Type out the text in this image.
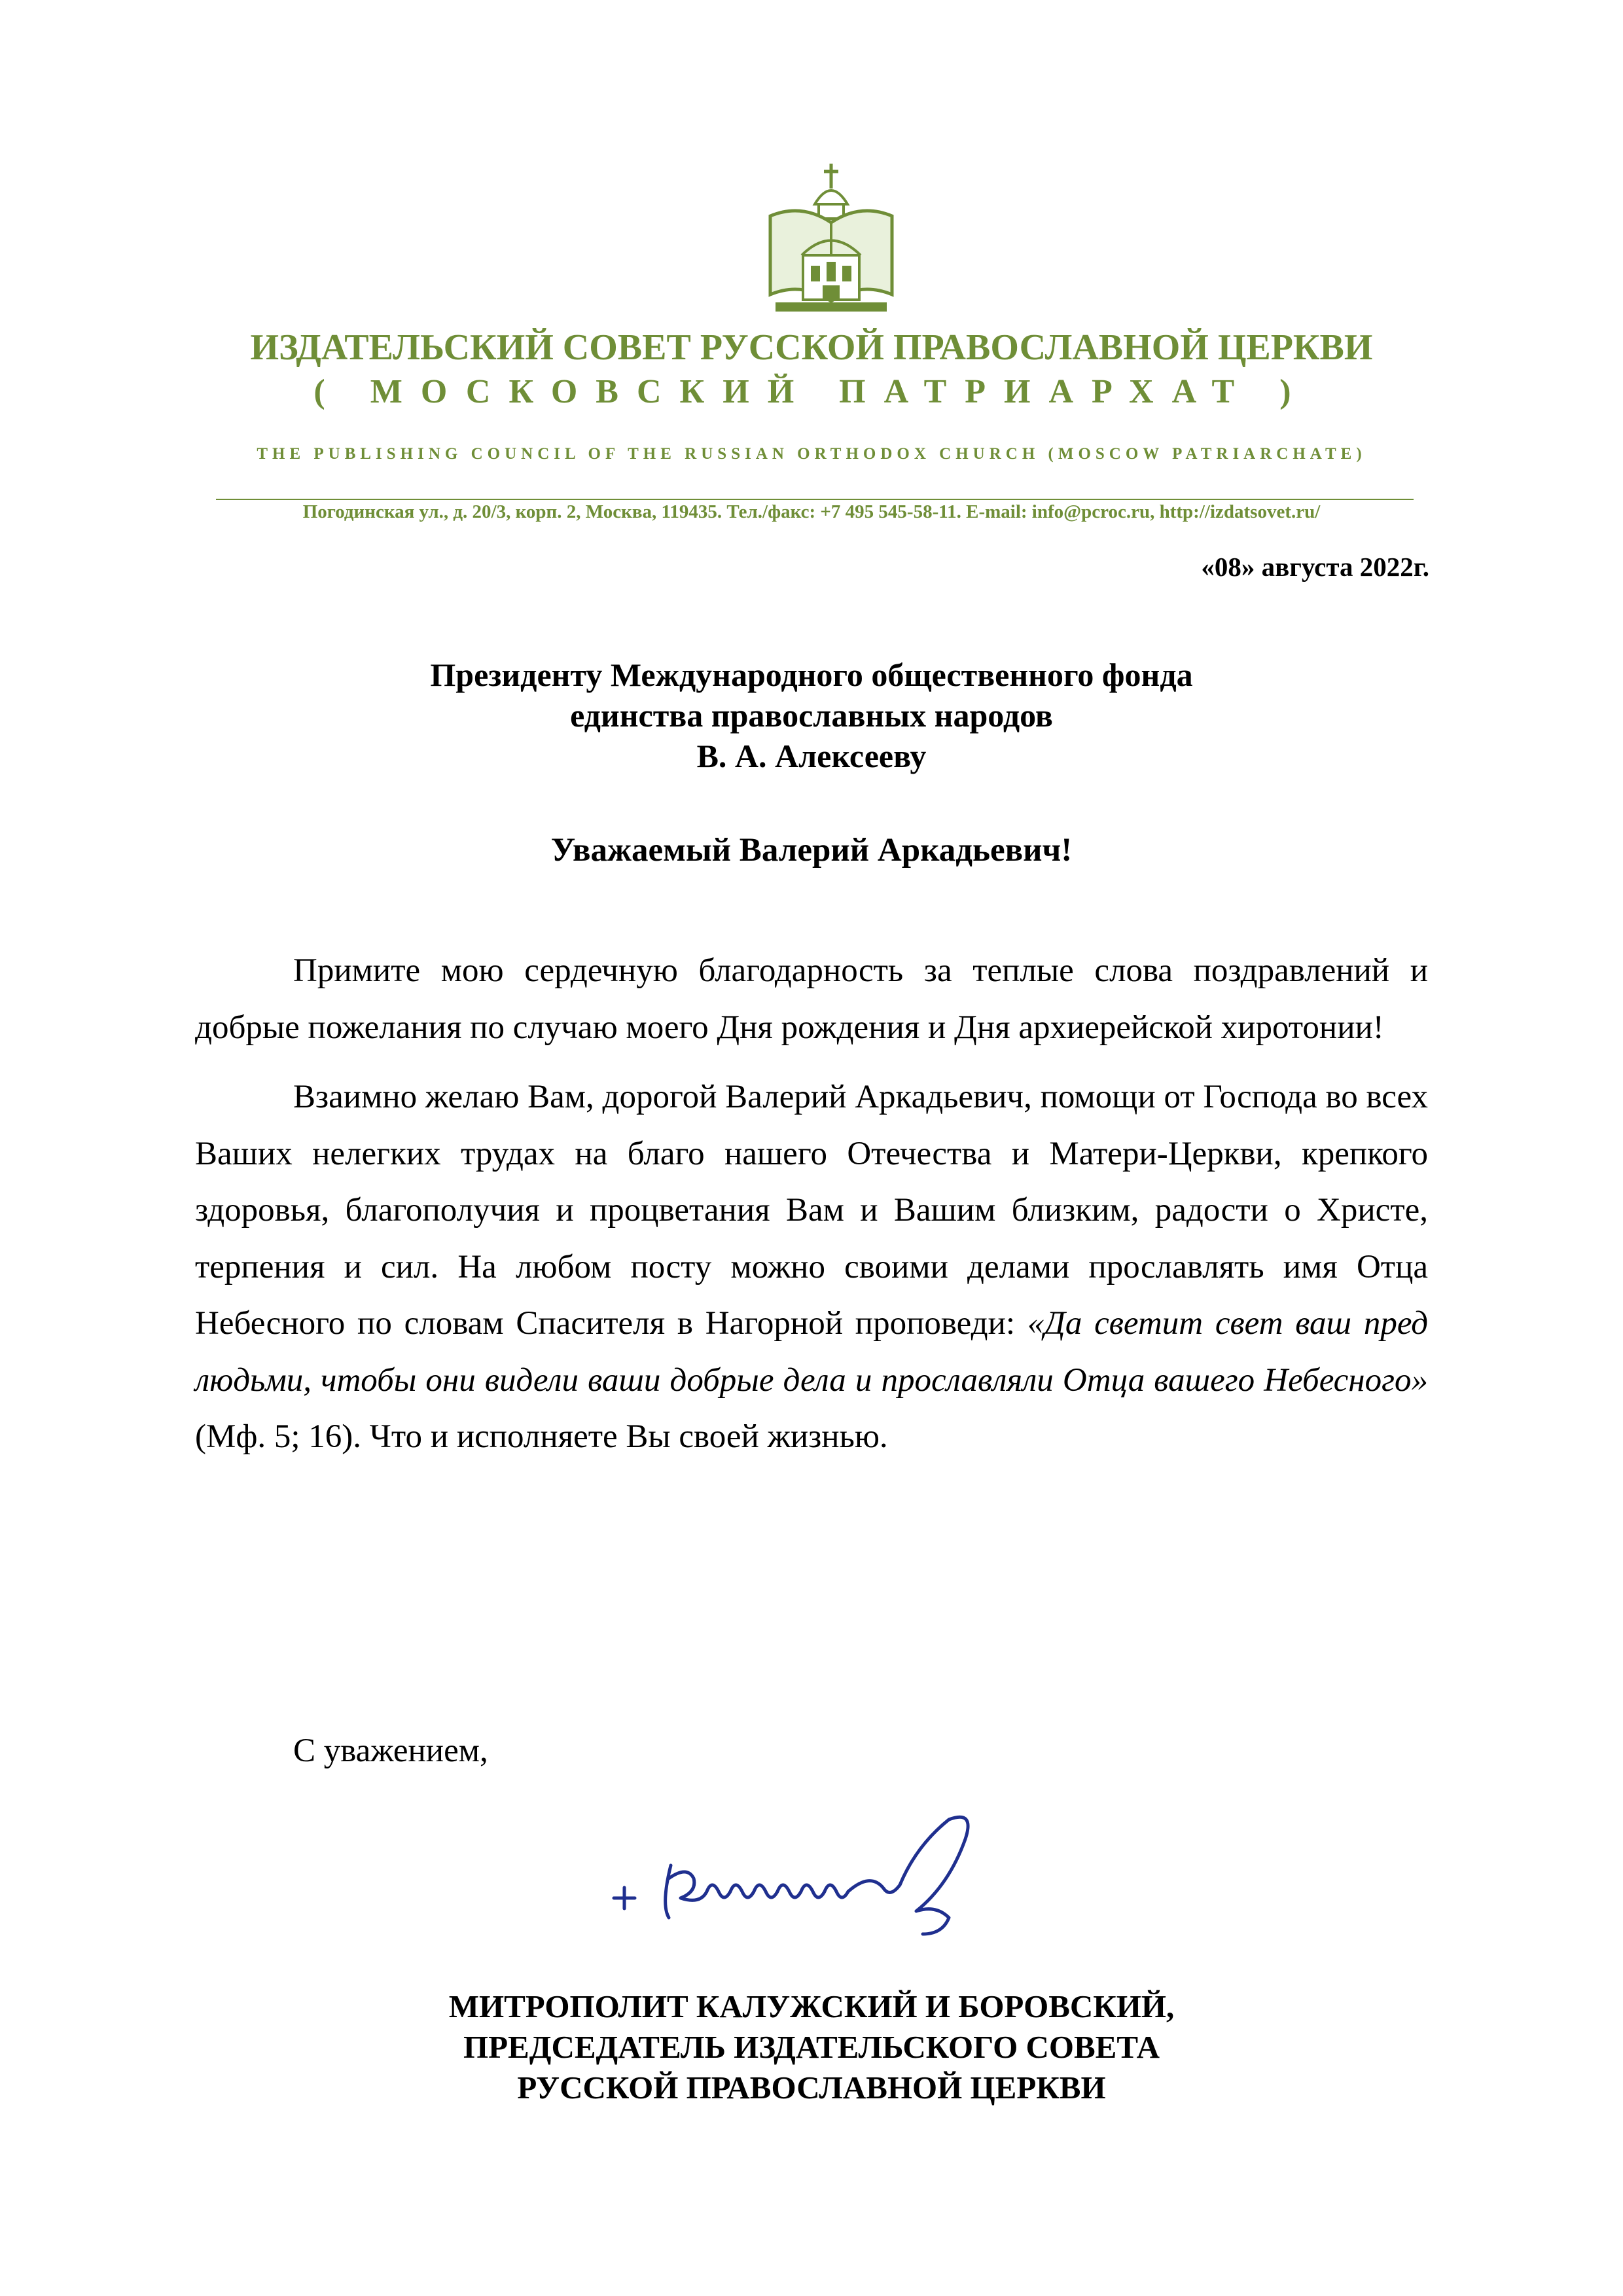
ИЗДАТЕЛЬСКИЙ СОВЕТ РУССКОЙ ПРАВОСЛАВНОЙ ЦЕРКВИ
( МОСКОВСКИЙ ПАТРИАРХАТ )
THE PUBLISHING COUNCIL OF THE RUSSIAN ORTHODOX CHURCH (MOSCOW PATRIARCHATE)
Погодинская ул., д. 20/3, корп. 2, Москва, 119435. Тел./факс: +7 495 545-58-11. E-mail: info@pcroc.ru, http://izdatsovet.ru/
«08» августа 2022г.
Президенту Международного общественного фонда
единства православных народов
В. А. Алексееву
Уважаемый Валерий Аркадьевич!

Примите мою сердечную благодарность за теплые слова поздравлений и добрые пожелания по случаю моего Дня рождения и Дня архиерейской хиротонии!

Взаимно желаю Вам, дорогой Валерий Аркадьевич, помощи от Господа во всех Ваших нелегких трудах на благо нашего Отечества и Матери-Церкви, крепкого здоровья, благополучия и процветания Вам и Вашим близким, радости о Христе, терпения и сил. На любом посту можно своими делами прославлять имя Отца Небесного по словам Спасителя в Нагорной проповеди: «Да светит свет ваш пред людьми, чтобы они видели ваши добрые дела и прославляли Отца вашего Небесного» (Мф. 5; 16). Что и исполняете Вы своей жизнью.

С уважением,
МИТРОПОЛИТ КАЛУЖСКИЙ И БОРОВСКИЙ,
ПРЕДСЕДАТЕЛЬ ИЗДАТЕЛЬСКОГО СОВЕТА
РУССКОЙ ПРАВОСЛАВНОЙ ЦЕРКВИ
